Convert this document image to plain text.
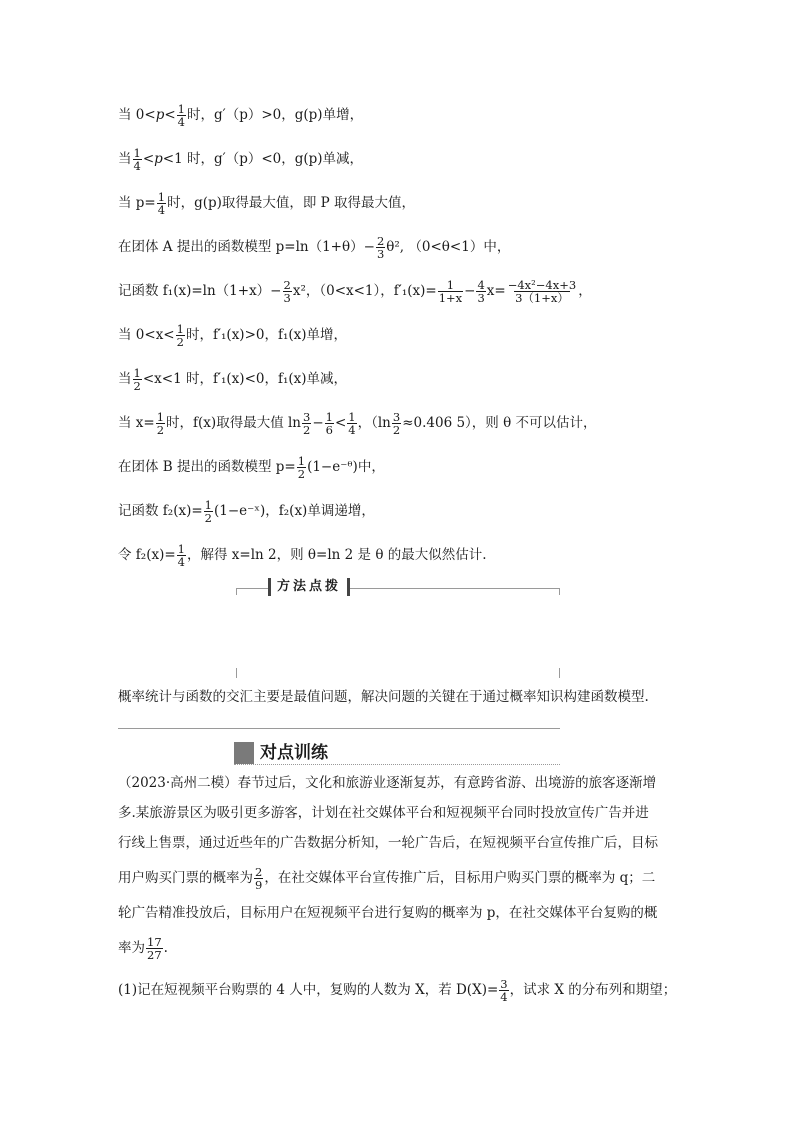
当 $0<p< \frac{1}{4}$ 时，g′（p）>0，g(p)单增，
当 $\frac{1}{4} <p<1$ 时，g′（p）<0，g(p)单减，
当 $p= \frac{1}{4}$ 时，g(p)取得最大值，即 P 取得最大值，
在团体 A 提出的函数模型 $p=\ln(1+\theta)- \frac{2}{3} \theta^2$, （0<θ<1）中，
记函数 $f_1(x)=\ln(1+x)- \frac{2}{3} x^2$，（0<x<1），$f'_1(x)= \frac{1}{1+x} - \frac{4}{3} x= \frac{\text{−4x²−4x+3}}{3(1+x)}$ ，
当 $0<x< \frac{1}{2}$ 时，f′₁(x)>0，f₁(x)单增，
当 $\frac{1}{2} <x<1$ 时，f′₁(x)<0，f₁(x)单减，
当 $x= \frac{1}{2}$ 时，f(x)取得最大值 $\ln \frac{3}{2} - \frac{1}{6} < \frac{1}{4}$ ，（$\ln \frac{3}{2} \approx 0.406$ 5），则 θ 不可以估计，
在团体 B 提出的函数模型 $p= \frac{1}{2}$ (1−e⁻ᶿ)中，
记函数 $f_2(x)= \frac{1}{2}$ (1−e⁻ˣ)，f₂(x)单调递增，
令 $f_2(x)= \frac{1}{4}$ ，解得 x=ln 2，则 θ=ln 2 是 θ 的最大似然估计.
方法点拨
概率统计与函数的交汇主要是最值问题，解决问题的关键在于通过概率知识构建函数模型.
对点训练
（2023·高州二模）春节过后，文化和旅游业逐渐复苏，有意跨省游、出境游的旅客逐渐增
多.某旅游景区为吸引更多游客，计划在社交媒体平台和短视频平台同时投放宣传广告并进
行线上售票，通过近些年的广告数据分析知，一轮广告后，在短视频平台宣传推广后，目标
用户购买门票的概率为 $\frac{2}{9}$ ，在社交媒体平台宣传推广后，目标用户购买门票的概率为 q；二
轮广告精准投放后，目标用户在短视频平台进行复购的概率为 p，在社交媒体平台复购的概
率为 $\frac{17}{27}$ .
(1)记在短视频平台购票的 4 人中，复购的人数为 X，若 $D(X)= \frac{3}{4}$ ，试求 X 的分布列和期望；
